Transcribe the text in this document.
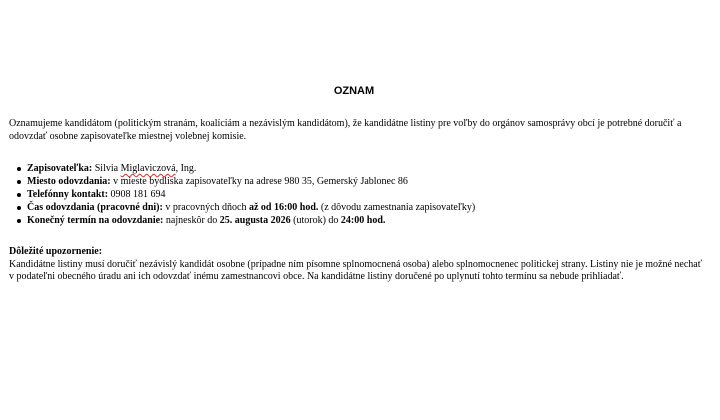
OZNAM

Oznamujeme kandidátom (politickým stranám, koalíciám a nezávislým kandidátom), že kandidátne listiny pre voľby do orgánov samosprávy obcí je potrebné doručiť a odovzdať osobne zapisovateľke miestnej volebnej komisie.

Zapisovateľka: Silvia Miglaviczová, Ing.
Miesto odovzdania: v mieste bydliska zapisovateľky na adrese 980 35, Gemerský Jablonec 86
Telefónny kontakt: 0908 181 694
Čas odovzdania (pracovné dni): v pracovných dňoch až od 16:00 hod. (z dôvodu zamestnania zapisovateľky)
Konečný termín na odovzdanie: najneskôr do 25. augusta 2026 (utorok) do 24:00 hod.

Dôležité upozornenie:

Kandidátne listiny musí doručiť nezávislý kandidát osobne (prípadne ním písomne splnomocnená osoba) alebo splnomocnenec politickej strany. Listiny nie je možné nechať v podateľni obecného úradu ani ich odovzdať inému zamestnancovi obce. Na kandidátne listiny doručené po uplynutí tohto termínu sa nebude prihliadať.
